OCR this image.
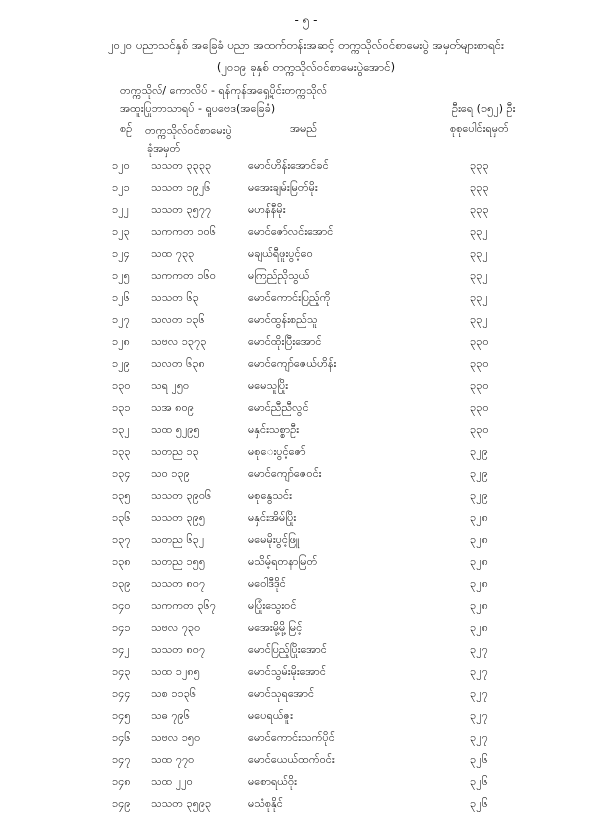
- ၅ -
၂၀၂၀ ပညာသင်နှစ် အခြေခံ ပညာ အထက်တန်းအဆင့် တက္ကသိုလ်ဝင်စာမေးပွဲ အမှတ်များစာရင်း
(၂၀၁၉ ခုနှစ် တက္ကသိုလ်ဝင်စာမေးပွဲအောင်)
တက္ကသိုလ်/ ကောလိပ် - ရန်ကုန်အရှေ့ပိုင်းတက္ကသိုလ်
အထူးပြုဘာသာရပ် - ရူပဗေဒ(အခြေခံ)	ဦးရေ (၁၅၂) ဦး
စဉ် တက္ကသိုလ်ဝင်စာမေးပွဲ
ခုံအမှတ်
အမည်	စုစုပေါင်းရမှတ်
၁၂၀ သသတ ၃၃၃၃	မောင်ဟိန်းအောင်ခင်	၃၃၃
၁၂၁ သသတ ၁၉၂၆	မအေးချမ်းမြတ်မိုး	၃၃၃
၁၂၂ သသတ ၃၅၇၇	မဟန်နီမိုး	၃၃၃
၁၂၃ သကကတ ၁၀၆	မောင်ဇော်လင်းအောင်	၃၃၂
၁၂၄ သထ ၇၃၃	မချယ်ရီဖူးပွင့်ဝေ	၃၃၂
၁၂၅ သကကတ ၁၆၀	မကြည်ညိုသွယ်	၃၃၂
၁၂၆ သသတ ၆၃	မောင်ကောင်းပြည့်ကို	၃၃၂
၁၂၇ သလတ ၁၃၆	မောင်ထွန်းစည်သူ	၃၃၂
၁၂၈ သဗလ ၁၃၇၃	မောင်ထိုးပြီးအောင်	၃၃၀
၁၂၉ သလတ ၆၃၈	မောင်ကျော်ဇေယ်ဟိန်း	၃၃၀
၁၃၀ သရ ၂၅၀	မမေသူပြိုး	၃၃၀
၁၃၁ သအ ၈၀၉	မောင်ညီညီလွင်	၃၃၀
၁၃၂ သထ ၅၂၉၅	မနှင်းသစ္စာဦး	၃၃၀
၁၃၃ သတည ၁၃	မစုေးပွင့်ဇော်	၃၂၉
၁၃၄ သဝ ၁၃၉	မောင်ကျော်ဇေဝင်း	၃၂၉
၁၃၅ သသတ ၃၉၀၆	မစုနွေသင်း	၃၂၉
၁၃၆ သသတ ၃၉၅	မနှင်းအိမ်ပြိုး	၃၂၈
၁၃၇ သတည ၆၃၂	မမေမိုးပွင့်ဖြူ	၃၂၈
၁၃၈ သတည ၁၅၅	မသိမ့်ရတနာမြတ်	၃၂၈
၁၃၉ သသတ ၈၀၇	မဝေါဒီဒိုင်	၃၂၈
၁၄၀ သကကတ ၃၆၇	မပြုံးသွေးဝင်	၃၂၈
၁၄၁ သဗလ ၇၃၀	မအေးမို့မို့မြင့်	၃၂၈
၁၄၂ သသတ ၈၀၇	မောင်ပြည့်ပြိုးအောင်	၃၂၇
၁၄၃ သထ ၁၂၈၅	မောင်သွမ်းမိုးအောင်	၃၂၇
၁၄၄ သစ ၁၁၃၆	မောင်သုရအောင်	၃၂၇
၁၄၅ သဓ ၇၉၆	မပေရယ်ဇူး	၃၂၇
၁၄၆ သဗလ ၁၅၀	မောင်ကောင်းသက်ပိုင်	၃၂၇
၁၄၇ သထ ၇၇၀	မောင်ယေယ်ထက်ဝင်း	၃၂၆
၁၄၈ သထ ၂၂၀	မစောရယ်ဝိုး	၃၂၆
၁၄၉ သသတ ၃၅၉၃	မသံစုနိုင်	၃၂၆
